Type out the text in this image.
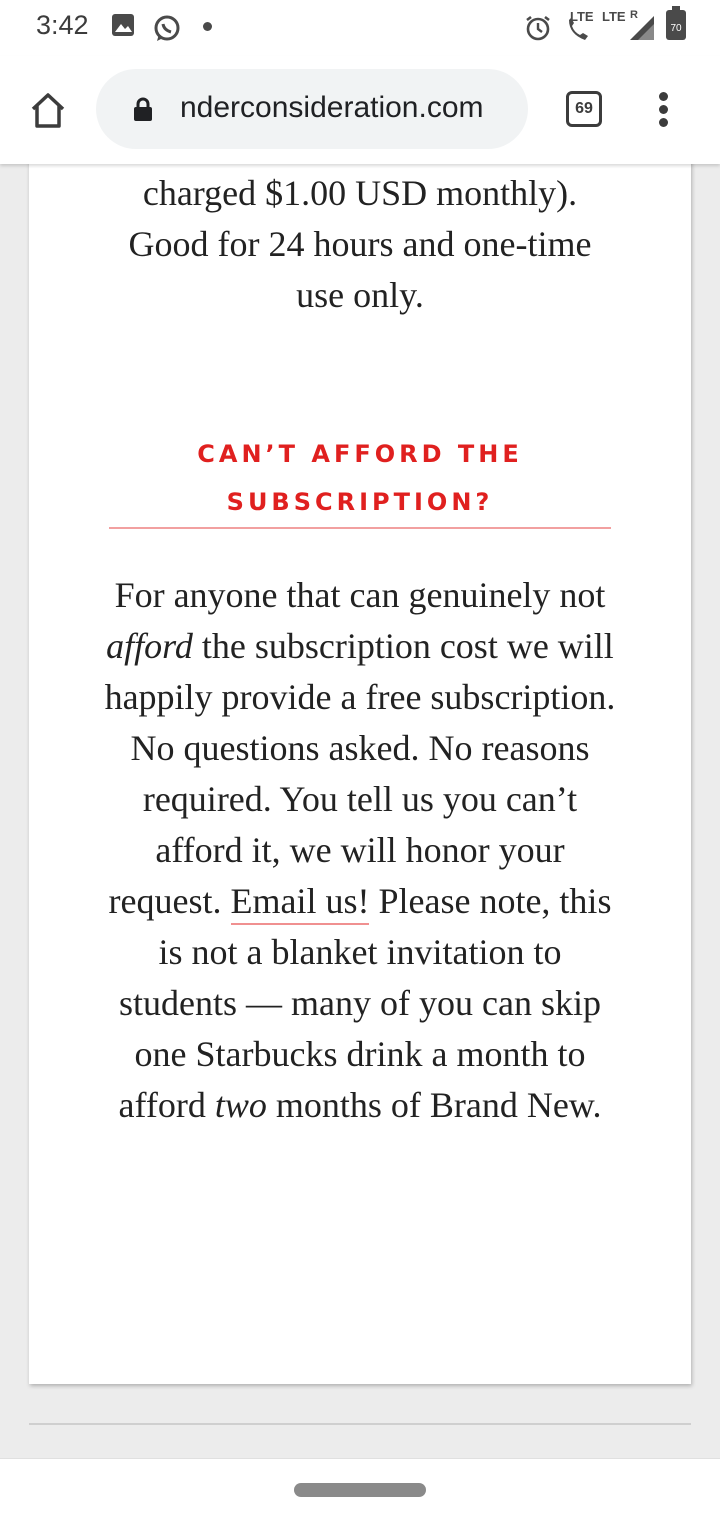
3:42	LTE LTE R
70
nderconsideration.com	69

charged $1.00 USD monthly). Good for 24 hours and one-time use only.

CAN’T AFFORD THE SUBSCRIPTION?

For anyone that can genuinely not afford the subscription cost we will happily provide a free subscription. No questions asked. No reasons required. You tell us you can’t afford it, we will honor your request. Email us! Please note, this is not a blanket invitation to students — many of you can skip one Starbucks drink a month to afford two months of Brand New.
